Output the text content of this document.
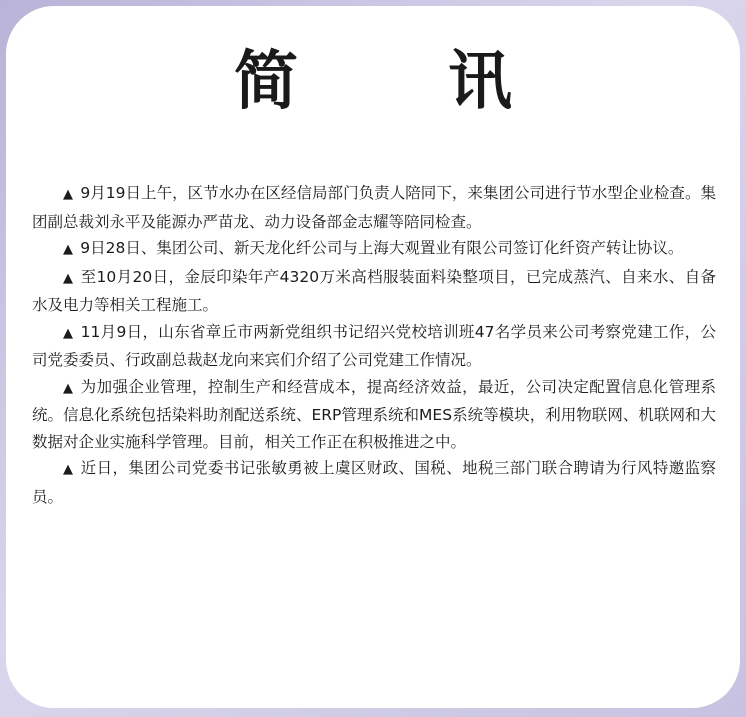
简 讯

▲ 9月19日上午，区节水办在区经信局部门负责人陪同下，来集团公司进行节水型企业检查。集团副总裁刘永平及能源办严苗龙、动力设备部金志耀等陪同检查。

▲ 9日28日、集团公司、新天龙化纤公司与上海大观置业有限公司签订化纤资产转让协议。

▲ 至10月20日，金辰印染年产4320万米高档服装面料染整项目，已完成蒸汽、自来水、自备水及电力等相关工程施工。

▲ 11月9日，山东省章丘市两新党组织书记绍兴党校培训班47名学员来公司考察党建工作，公司党委委员、行政副总裁赵龙向来宾们介绍了公司党建工作情况。

▲ 为加强企业管理，控制生产和经营成本，提高经济效益，最近，公司决定配置信息化管理系统。信息化系统包括染料助剂配送系统、ERP管理系统和MES系统等模块，利用物联网、机联网和大数据对企业实施科学管理。目前，相关工作正在积极推进之中。

▲ 近日，集团公司党委书记张敏勇被上虞区财政、国税、地税三部门联合聘请为行风特邀监察员。
